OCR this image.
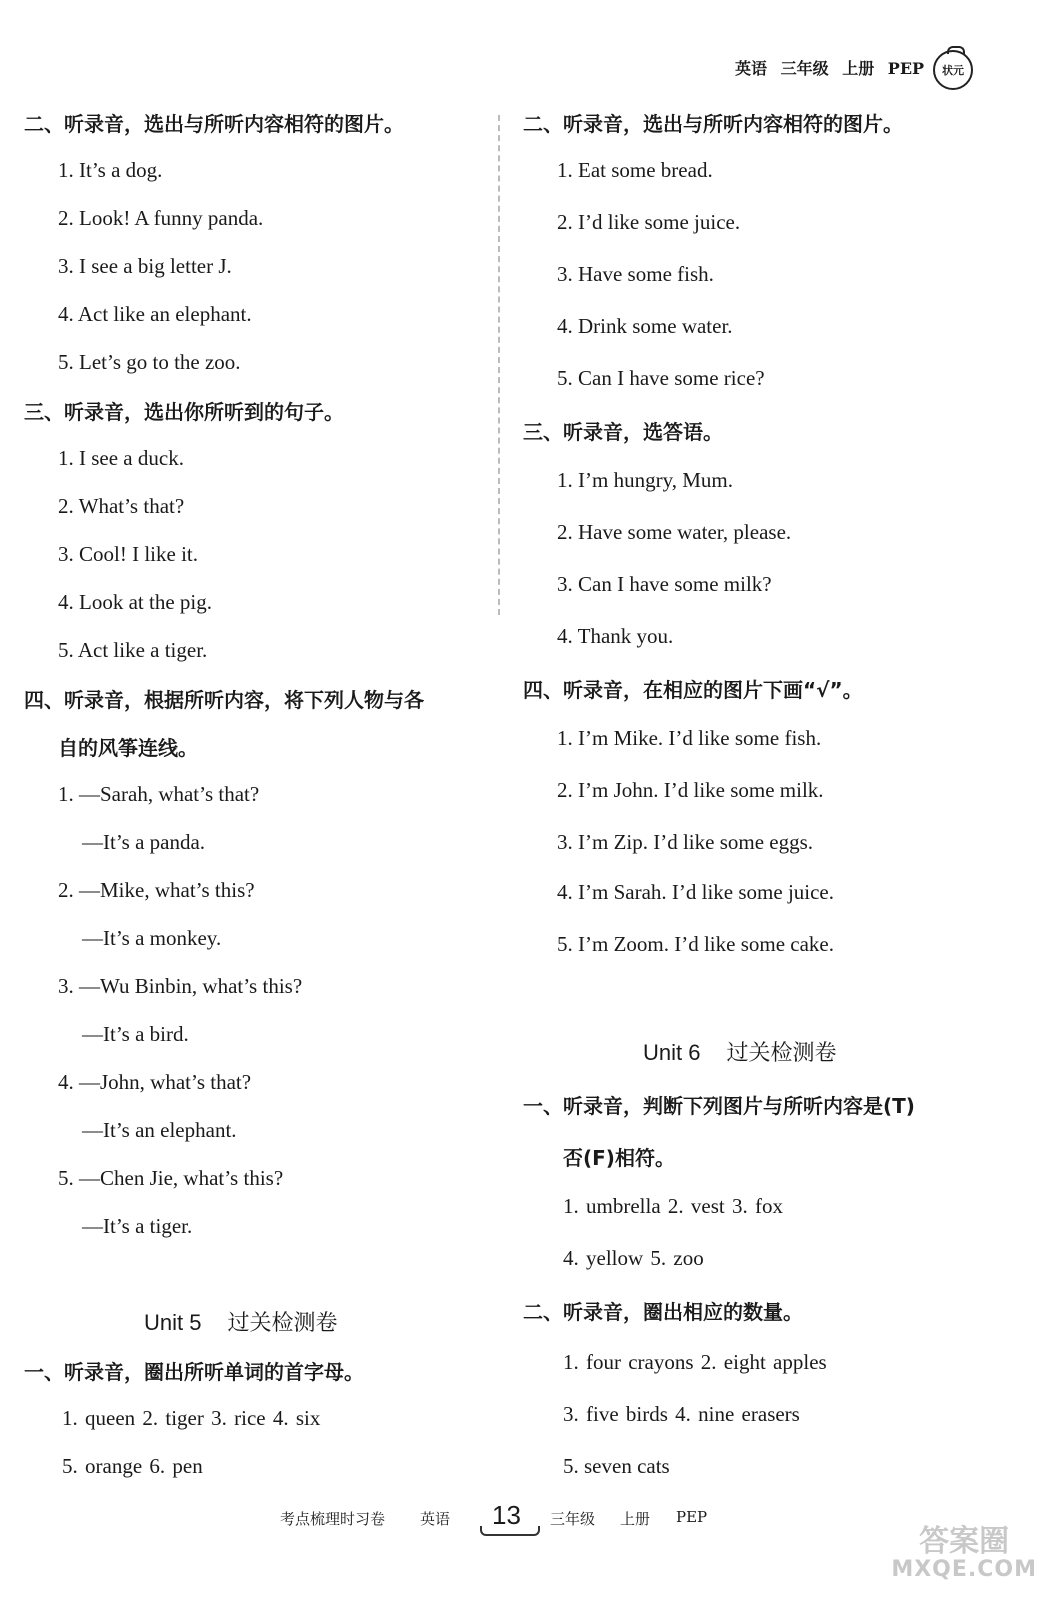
英语 三年级 上册 PEP	状元
二、听录音，选出与所听内容相符的图片。
1. It’s a dog.
2. Look! A funny panda.
3. I see a big letter J.
4. Act like an elephant.
5. Let’s go to the zoo.
三、听录音，选出你所听到的句子。
1. I see a duck.
2. What’s that?
3. Cool! I like it.
4. Look at the pig.
5. Act like a tiger.
四、听录音，根据所听内容，将下列人物与各
自的风筝连线。
1. —Sarah, what’s that?
—It’s a panda.
2. —Mike, what’s this?
—It’s a monkey.
3. —Wu Binbin, what’s this?
—It’s a bird.
4. —John, what’s that?
—It’s an elephant.
5. —Chen Jie, what’s this?
—It’s a tiger.
Unit 5 过关检测卷
一、听录音，圈出所听单词的首字母。
1. queen 2. tiger 3. rice 4. six
5. orange 6. pen
二、听录音，选出与所听内容相符的图片。
1. Eat some bread.
2. I’d like some juice.
3. Have some fish.
4. Drink some water.
5. Can I have some rice?
三、听录音，选答语。
1. I’m hungry, Mum.
2. Have some water, please.
3. Can I have some milk?
4. Thank you.
四、听录音，在相应的图片下画“√”。
1. I’m Mike. I’d like some fish.
2. I’m John. I’d like some milk.
3. I’m Zip. I’d like some eggs.
4. I’m Sarah. I’d like some juice.
5. I’m Zoom. I’d like some cake.
Unit 6 过关检测卷
一、听录音，判断下列图片与所听内容是(T)
否(F)相符。
1. umbrella 2. vest 3. fox
4. yellow 5. zoo
二、听录音，圈出相应的数量。
1. four crayons 2. eight apples
3. five birds 4. nine erasers
5. seven cats
考点梳理时习卷 英语 13 三年级 上册 PEP
答案圈
MXQE.COM
